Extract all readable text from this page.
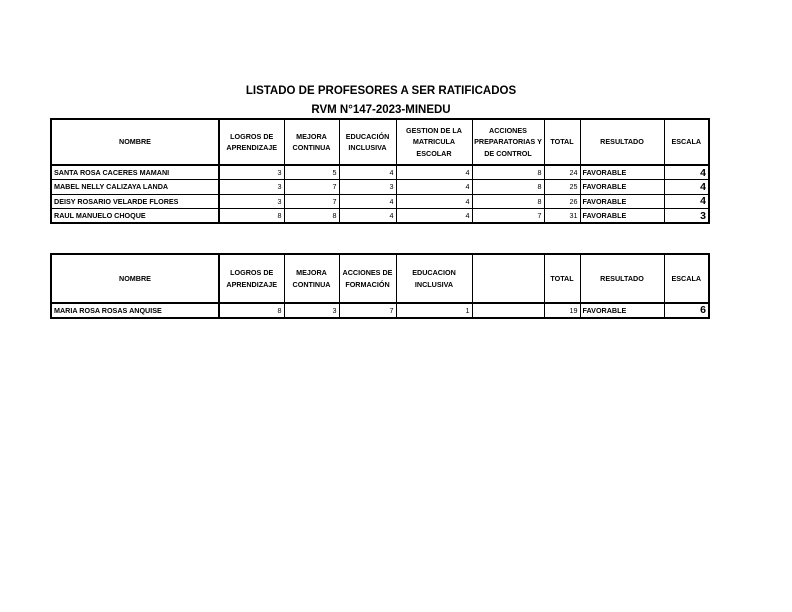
LISTADO DE PROFESORES A SER RATIFICADOS
RVM N°147-2023-MINEDU
NOMBRE	LOGROS DE APRENDIZAJE	MEJORA CONTINUA	EDUCACIÓN INCLUSIVA	GESTION DE LA MATRICULA ESCOLAR	ACCIONES PREPARATORIAS Y DE CONTROL	TOTAL	RESULTADO	ESCALA
SANTA ROSA CACERES MAMANI	3	5	4	4	8	24	FAVORABLE	4
MABEL NELLY CALIZAYA LANDA	3	7	3	4	8	25	FAVORABLE	4
DEISY ROSARIO VELARDE FLORES	3	7	4	4	8	26	FAVORABLE	4
RAUL MANUELO CHOQUE	8	8	4	4	7	31	FAVORABLE	3
NOMBRE	LOGROS DE APRENDIZAJE	MEJORA CONTINUA	ACCIONES DE FORMACIÓN	EDUCACION INCLUSIVA		TOTAL	RESULTADO	ESCALA
MARIA ROSA ROSAS ANQUISE	8	3	7	1		19	FAVORABLE	6
